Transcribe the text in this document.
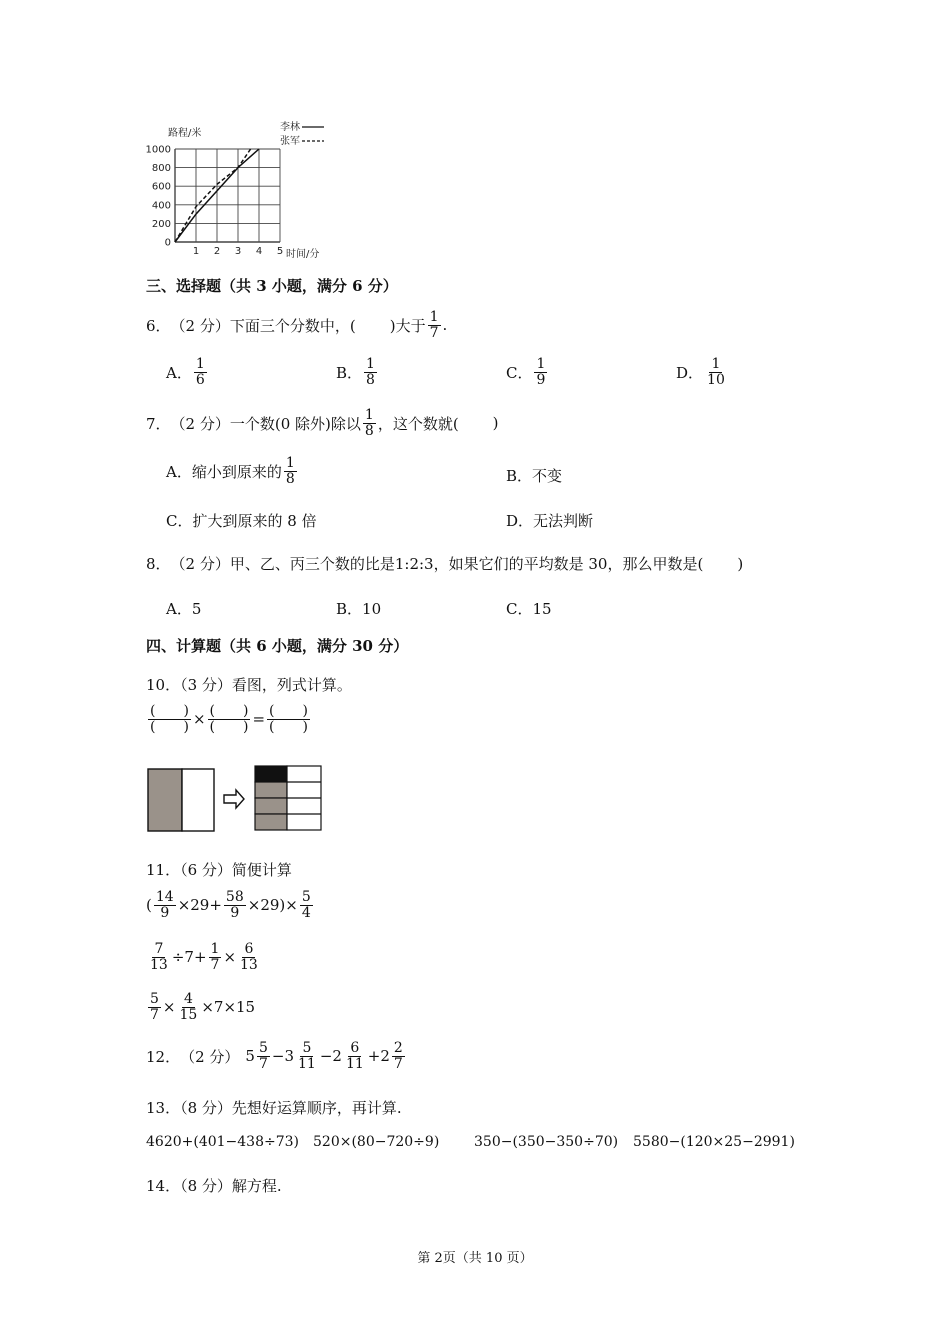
路程/米
李林
张军
0
200
400
600
800
1000
1 2 3 4 5 时间/分
三、选择题（共 3 小题，满分 6 分）
6． （2 分） 下面三个分数中，( )大于 $\frac{1}{7}$ .
A． $\frac{1}{6}$	B． $\frac{1}{8}$	C． $\frac{1}{9}$	D． $\frac{1}{10}$
7． （2 分） 一个数(0 除外)除以 $\frac{1}{8}$ ，这个数就( )
A． 缩小到原来的 $\frac{1}{8}$	B．不变
C．扩大到原来的 8 倍	D．无法判断
8． （2 分） 甲、乙、丙三个数的比是1:2:3，如果它们的平均数是 30，那么甲数是( )
A．5	B．10	C．15
四、计算题（共 6 小题，满分 30 分）
10．（3 分）看图，列式计算。
$\frac{( )}{( )} \times \frac{( )}{( )} = \frac{( )}{( )}$
11．（6 分）简便计算
( $\frac{14}{9} \times 29+ \frac{58}{9} \times 29)\times \frac{5}{4}$
$\frac{7}{13} \div 7+ \frac{1}{7} \times \frac{6}{13}$
$\frac{5}{7} \times \frac{4}{15} \times 7\times 15$
12． （2 分） $5 \frac{5}{7} -3 \frac{5}{11} -2 \frac{6}{11} +2 \frac{2}{7}$
13．（8 分）先想好运算顺序，再计算.
4620+(401−438÷73) 520×(80−720÷9) 350−(350−350÷70) 5580−(120×25−2991)
14．（8 分）解方程.
第 2页（共 10 页）
